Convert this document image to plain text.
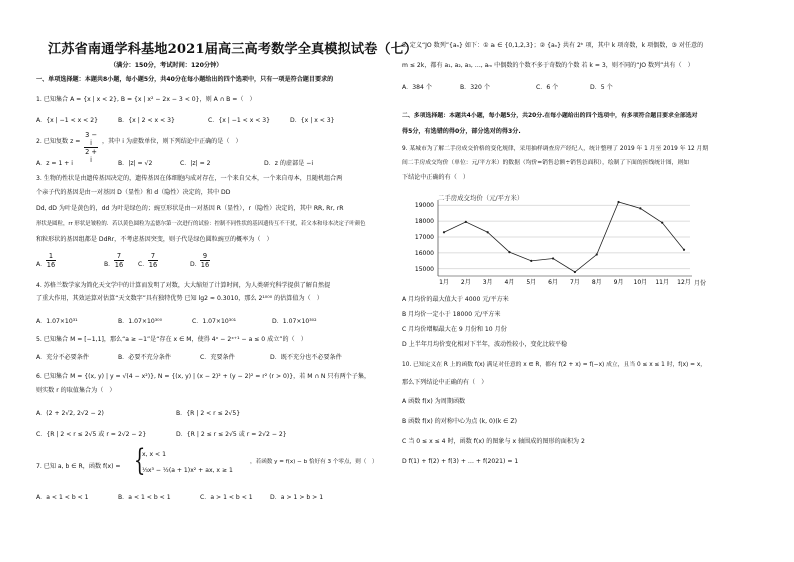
江苏省南通学科基地2021届高三高考数学全真模拟试卷（七）
（满分：150分，考试时间：120分钟）
一、单项选择题：本题共8小题，每小题5分，共40分在每小题给出的四个选项中，只有一项是符合题目要求的
1. 已知集合 A = {x | x < 2}, B = {x | x² − 2x − 3 < 0}，则 A ∩ B =（　）
A．{x | −1 < x < 2}	B．{x | 2 < x < 3}	C．{x | −1 < x < 3}	D．{x | x < 3}
2. 已知复数 $z = \frac{3 - i}{2 + i}$ ，其中 i 为虚数单位，则下列结论中正确的是（　）
A．z = 1 + i	B．|z| = √2	C．|z| = 2	D．z 的虚部是 −i
3. 生物的性状是由遗传基因决定的，遗传基因在体细胞内成对存在，一个来自父本，一个来自母本，且随机组合两
个亲子代的基因是由一对基因 D（显性）和 d（隐性）决定的，其中 DD
Dd, dD 为叶是黄色的，dd 为叶是绿色的；豌豆形状是由一对基因 R（显性），r（隐性）决定的，其中 RR, Rr, rR
形状是圆粒，rr 形状是皱粒的．若以黄色圆粒为孟德尔第一次进行的试验：控制不同性状的基因遗传互不干扰，若父本和母本决定子叶颜色
和粒形状的基因组都是 DdRr，不考虑基因突变，则子代是绿色圆粒豌豆的概率为（　）
A． $\frac{1}{16}$	B． $\frac{7}{16}$ C． $\frac{7}{16}$	D． $\frac{9}{16}$
4. 苏格兰数学家为简化天文学中的计算而发明了对数，大大缩短了计算时间，为人类研究科学提供了解自然提
了重大作用，其效运算对估算“天文数字”具有独特优势 已知 lg2 ≈ 0.3010，那么 2¹⁰⁰⁰ 的估算值为（　）
A．1.07×10³¹	B．1.07×10³⁰⁰	C．1.07×10³⁰¹	D．1.07×10³⁰²
5. 已知集合 M = [−1,1]，那么“a ≥ −1”是“存在 x ∈ M，使得 4ˣ − 2ˣ⁺¹ − a ≤ 0 成立”的（　）
A．充分不必要条件	B．必要不充分条件	C．充要条件	D．既不充分也不必要条件
6. 已知集合 M = {(x, y) | y = √(4 − x²)}, N = {(x, y) | (x − 2)² + (y − 2)² = r² (r > 0)}，若 M ∩ N 只有两个子集，
则实数 r 的取值集合为（　）
A．(2 + 2√2, 2√2 − 2)	B．{R | 2 < r ≤ 2√5}
C．{R | 2 < r ≤ 2√5 或 r = 2√2 − 2}	D．{R | 2 ≤ r ≤ 2√5 或 r = 2√2 − 2}
7. 已知 a, b ∈ R，函数 f(x) = {
x, x < 1
⅓x³ − ½(a + 1)x² + ax, x ≥ 1
，若函数 y = f(x) − b 恰好有 3 个零点，则（　）
A．a < 1 < b < 1	B．a < 1 < b < 1	C．a > 1 < b < 1	D．a > 1 > b > 1
8. 定义“JO 数列”{aₙ} 如下：① aᵢ ∈ {0,1,2,3}；② {aₙ} 共有 2ᵏ 项，其中 k 项奇数，k 项偶数，③ 对任意的
m ≤ 2k，都有 a₁, a₂, a₃, …, aₘ 中偶数的个数不多于奇数的个数 若 k = 3，则不同的“JO 数列”共有（　）
A．384 个	B．320 个	C．6 个	D．5 个
二、多项选择题：本题共4小题，每小题5分，共20分.在每小题给出的四个选项中，有多项符合题目要求全部选对
得5分，有选错的得0分，部分选对的得3分.
9. 某城市为了解二手房成交价格的变化规律，采用抽样调查房产经纪人，统计整理了 2019 年 1 月至 2019 年 12 月期
间二手房成交均价（单位：元/平方米）的数据（均价=销售总额÷销售总面积），绘制了下面的折线统计图，则如
下结论中正确的有（　）
二手房成交均价（元/平方米）
19000
18000
17000
16000
15000
1月 2月 3月 4月 5月 6月 7月 8月 9月 10月 11月 12月 月份
A 月均价的最大值大于 4000 元/平方米
B 月均价一定小于 18000 元/平方米
C 月均价增幅最大在 9 月份和 10 月份
D 上半年月均价变化相对下半年，波动性较小，变化比较平稳
10. 已知定义在 R 上的函数 f(x) 满足对任意的 x ∈ R，都有 f(2 + x) = f(−x) 成立，且当 0 ≤ x ≤ 1 时，f(x) = x，
那么下列结论中正确的有（　）
A 函数 f(x) 为周期函数
B 函数 f(x) 的对称中心为点 (k, 0)(k ∈ Z)
C 当 0 ≤ x ≤ 4 时，函数 f(x) 的图象与 x 轴围成的图形的面积为 2
D f(1) + f(2) + f(3) + … + f(2021) = 1
